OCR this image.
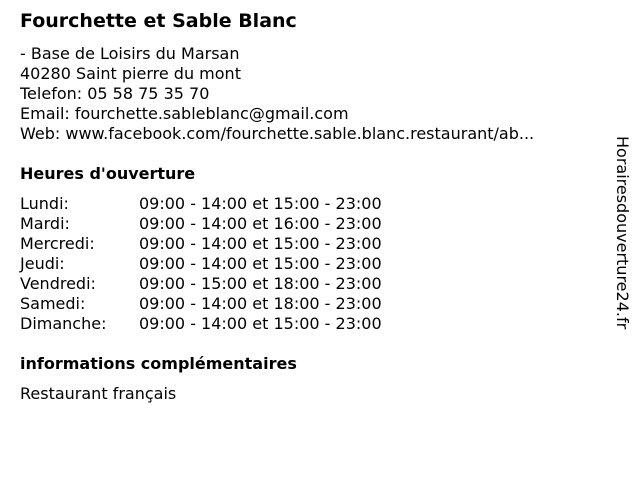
Fourchette et Sable Blanc
- Base de Loisirs du Marsan
40280 Saint pierre du mont
Telefon: 05 58 75 35 70
Email: fourchette.sableblanc@gmail.com
Web: www.facebook.com/fourchette.sable.blanc.restaurant/ab...
Heures d'ouverture
Lundi:	09:00 - 14:00 et 15:00 - 23:00
Mardi:	09:00 - 14:00 et 16:00 - 23:00
Mercredi:	09:00 - 14:00 et 15:00 - 23:00
Jeudi:	09:00 - 14:00 et 15:00 - 23:00
Vendredi:	09:00 - 15:00 et 18:00 - 23:00
Samedi:	09:00 - 14:00 et 18:00 - 23:00
Dimanche:	09:00 - 14:00 et 15:00 - 23:00
informations complémentaires
Restaurant français
Horairesdouverture24.fr
